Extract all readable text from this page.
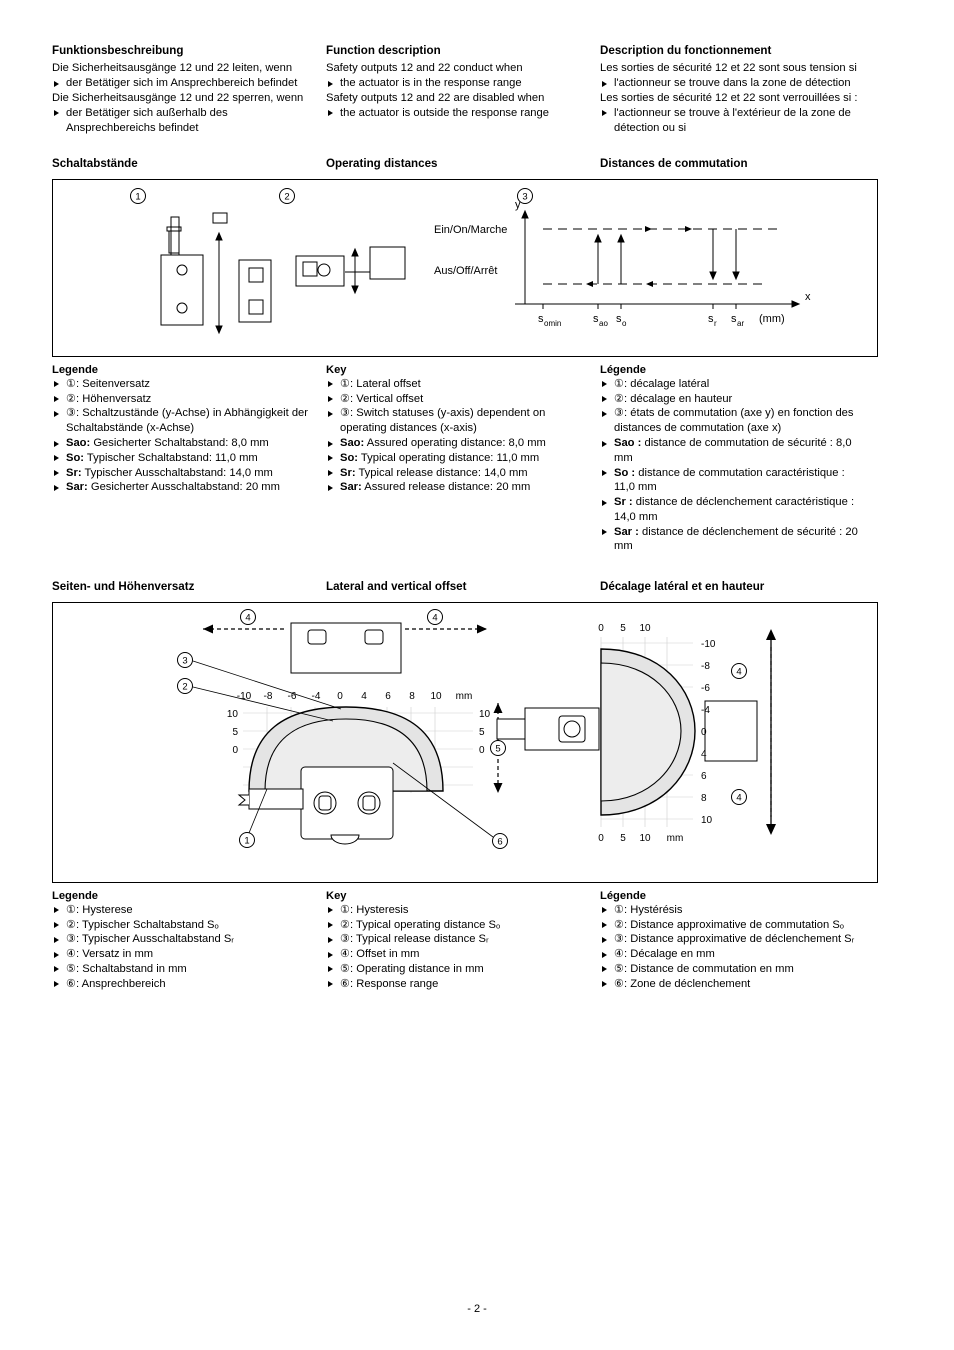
Funktionsbeschreibung

Die Sicherheitsausgänge 12 und 22 leiten, wenn

der Betätiger sich im Ansprechbereich befindet

Die Sicherheitsausgänge 12 und 22 sperren, wenn

der Betätiger sich außerhalb des Ansprechbereichs befindet
Function description

Safety outputs 12 and 22 conduct when

the actuator is in the response range

Safety outputs 12 and 22 are disabled when

the actuator is outside the response range
Description du fonctionnement

Les sorties de sécurité 12 et 22 sont sous tension si

l'actionneur se trouve dans la zone de détection

Les sorties de sécurité 12 et 22 sont verrouillées si :

l'actionneur se trouve à l'extérieur de la zone de détection ou si
Schaltabstände	Operating distances	Distances de commutation
1	2	3
y
x
Ein/On/Marche
Aus/Off/Arrêt
s omin	s ao s o	s r s ar (mm)
Legende
①: Seitenversatz
②: Höhenversatz
③: Schaltzustände (y-Achse) in Abhängigkeit der Schaltabstände (x-Achse)
Sao: Gesicherter Schaltabstand: 8,0 mm
So: Typischer Schaltabstand: 11,0 mm
Sr: Typischer Ausschaltabstand: 14,0 mm
Sar: Gesicherter Ausschaltabstand: 20 mm
Key
①: Lateral offset
②: Vertical offset
③: Switch statuses (y-axis) dependent on operating distances (x-axis)
Sao: Assured operating distance: 8,0 mm
So: Typical operating distance: 11,0 mm
Sr: Typical release distance: 14,0 mm
Sar: Assured release distance: 20 mm
Légende
①: décalage latéral
②: décalage en hauteur
③: états de commutation (axe y) en fonction des distances de commutation (axe x)
Sao : distance de commutation de sécurité : 8,0 mm
So : distance de commutation caractéristique : 11,0 mm
Sr : distance de déclenchement caractéristique : 14,0 mm
Sar : distance de déclenchement de sécurité : 20 mm
Seiten- und Höhenversatz	Lateral and vertical offset	Décalage latéral et en hauteur
4	4
-10 -8 -6 -4 0 4 6 8 10 mm
10
5
0
10
5
0 5
3
2
1	6
4
4
0 5 10
0 5 10 mm
-10
-8
-6
-4
0
4
6
8
10
Legende
①: Hysterese
②: Typischer Schaltabstand Sₒ
③: Typischer Ausschaltabstand Sᵣ
④: Versatz in mm
⑤: Schaltabstand in mm
⑥: Ansprechbereich
Key
①: Hysteresis
②: Typical operating distance Sₒ
③: Typical release distance Sᵣ
④: Offset in mm
⑤: Operating distance in mm
⑥: Response range
Légende
①: Hystérésis
②: Distance approximative de commutation Sₒ
③: Distance approximative de déclenchement Sᵣ
④: Décalage en mm
⑤: Distance de commutation en mm
⑥: Zone de déclenchement
- 2 -
